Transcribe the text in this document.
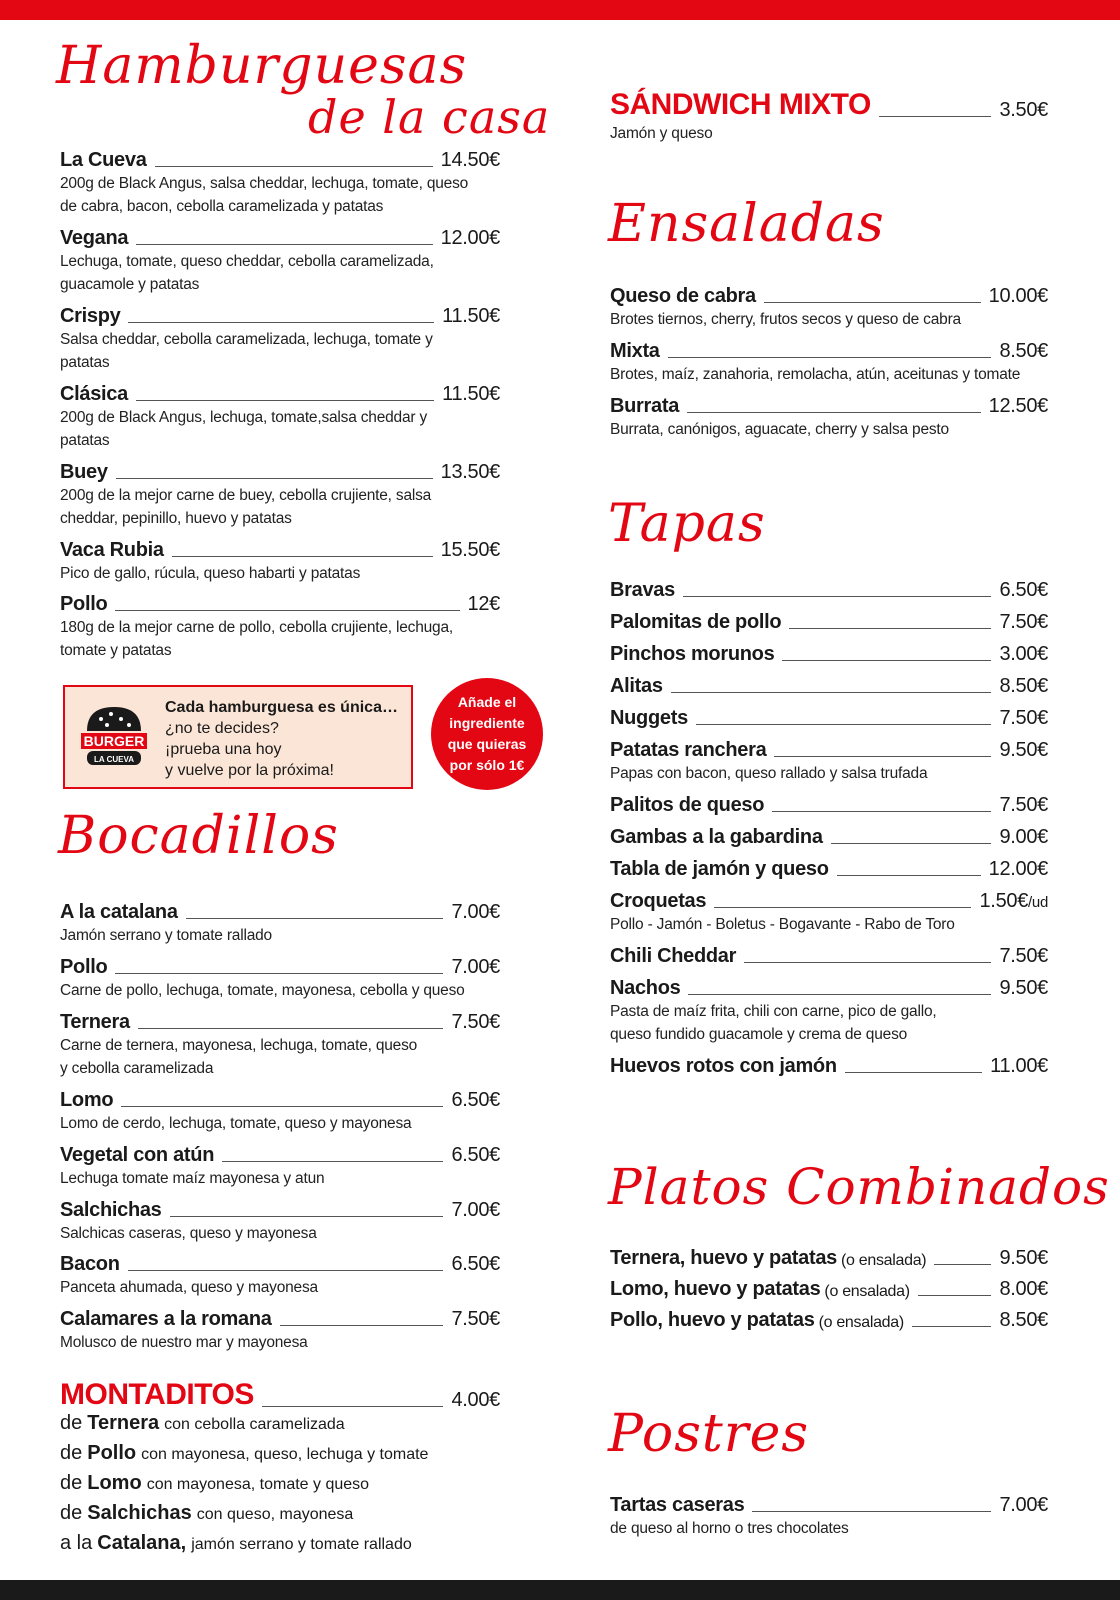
Hamburguesas
de la casa
La Cueva	14.50€
200g de Black Angus, salsa cheddar, lechuga, tomate, queso
de cabra, bacon, cebolla caramelizada y patatas
Vegana	12.00€
Lechuga, tomate, queso cheddar, cebolla caramelizada,
guacamole y patatas
Crispy	11.50€
Salsa cheddar, cebolla caramelizada, lechuga, tomate y
patatas
Clásica	11.50€
200g de Black Angus, lechuga, tomate,salsa cheddar y
patatas
Buey	13.50€
200g de la mejor carne de buey, cebolla crujiente, salsa
cheddar, pepinillo, huevo y patatas
Vaca Rubia	15.50€
Pico de gallo, rúcula, queso habarti y patatas
Pollo	12€
180g de la mejor carne de pollo, cebolla crujiente, lechuga,
tomate y patatas
BURGER
LA CUEVA
Cada hamburguesa es única…
¿no te decides?
¡prueba una hoy
y vuelve por la próxima!
Añade el
ingrediente
que quieras
por sólo 1€
Bocadillos
A la catalana	7.00€
Jamón serrano y tomate rallado
Pollo	7.00€
Carne de pollo, lechuga, tomate, mayonesa, cebolla y queso
Ternera	7.50€
Carne de ternera, mayonesa, lechuga, tomate, queso
y cebolla caramelizada
Lomo	6.50€
Lomo de cerdo, lechuga, tomate, queso y mayonesa
Vegetal con atún	6.50€
Lechuga tomate maíz mayonesa y atun
Salchichas	7.00€
Salchicas caseras, queso y mayonesa
Bacon	6.50€
Panceta ahumada, queso y mayonesa
Calamares a la romana	7.50€
Molusco de nuestro mar y mayonesa
MONTADITOS	4.00€
de Ternera con cebolla caramelizada
de Pollo con mayonesa, queso, lechuga y tomate
de Lomo con mayonesa, tomate y queso
de Salchichas con queso, mayonesa
a la Catalana, jamón serrano y tomate rallado
SÁNDWICH MIXTO	3.50€
Jamón y queso
Ensaladas
Queso de cabra	10.00€
Brotes tiernos, cherry, frutos secos y queso de cabra
Mixta	8.50€
Brotes, maíz, zanahoria, remolacha, atún, aceitunas y tomate
Burrata	12.50€
Burrata, canónigos, aguacate, cherry y salsa pesto
Tapas
Bravas	6.50€
Palomitas de pollo	7.50€
Pinchos morunos	3.00€
Alitas	8.50€
Nuggets	7.50€
Patatas ranchera	9.50€
Papas con bacon, queso rallado y salsa trufada
Palitos de queso	7.50€
Gambas a la gabardina	9.00€
Tabla de jamón y queso	12.00€
Croquetas	1.50€/ud
Pollo - Jamón - Boletus - Bogavante - Rabo de Toro
Chili Cheddar	7.50€
Nachos	9.50€
Pasta de maíz frita, chili con carne, pico de gallo,
queso fundido guacamole y crema de queso
Huevos rotos con jamón	11.00€
Platos Combinados
Ternera, huevo y patatas (o ensalada)	9.50€
Lomo, huevo y patatas (o ensalada)	8.00€
Pollo, huevo y patatas (o ensalada)	8.50€
Postres
Tartas caseras	7.00€
de queso al horno o tres chocolates
